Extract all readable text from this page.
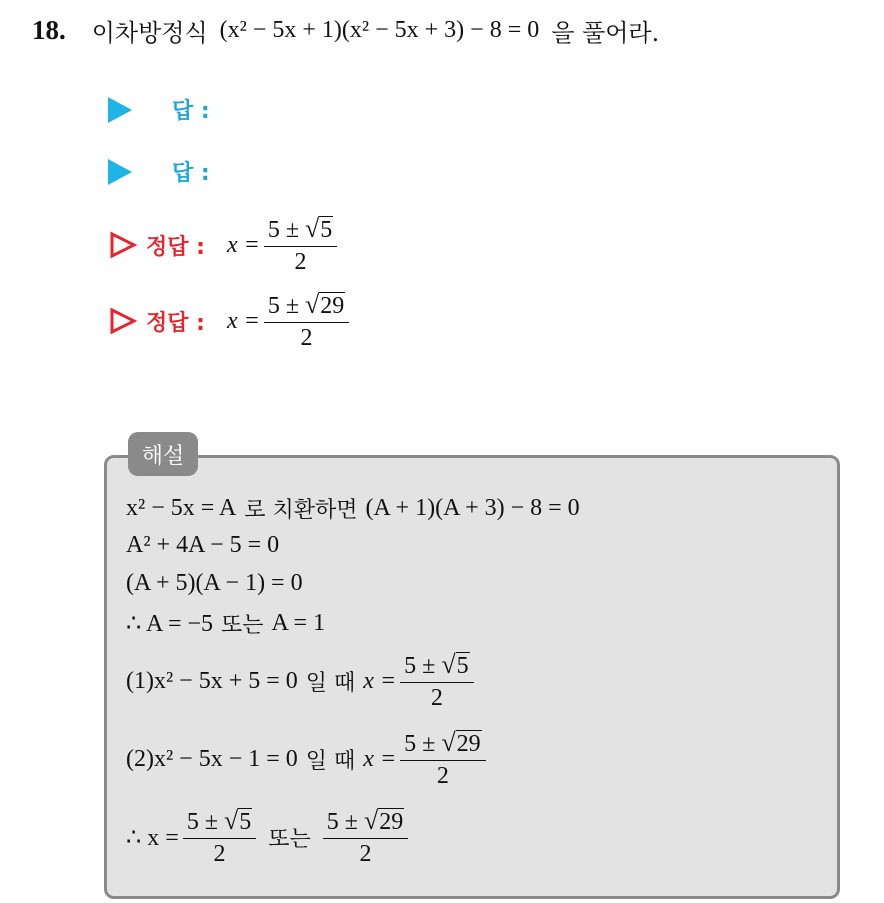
18. 이차방정식 (x² − 5x + 1)(x² − 5x + 3) − 8 = 0 을 풀어라.
답 :
답 :
정답 : $x = \frac{5 \pm √5}{2}$
정답 : $x = \frac{5 \pm √29}{2}$
해설
x² − 5x = A 로 치환하면 (A + 1)(A + 3) − 8 = 0
A² + 4A − 5 = 0
(A + 5)(A − 1) = 0
∴ A = −5 또는 A = 1
(1)x² − 5x + 5 = 0 일 때 $x = \frac{5 \pm √5}{2}$
(2)x² − 5x − 1 = 0 일 때 $x = \frac{5 \pm √29}{2}$
∴ $x = \frac{5 \pm √5}{2}$ 또는 $\frac{5 \pm √29}{2}$
